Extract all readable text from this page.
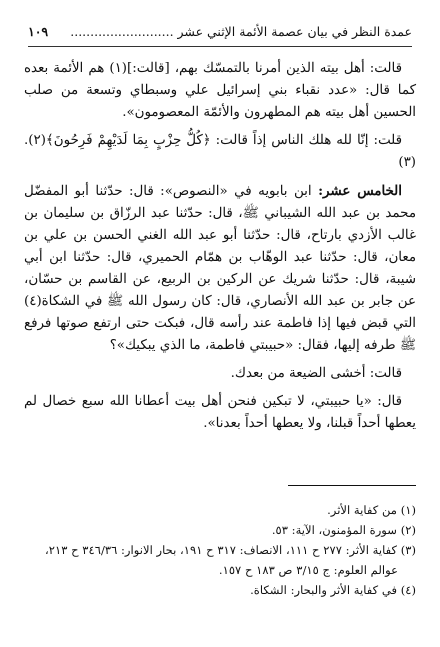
عمدة النظر في بيان عصمة الأئمة الإثني عشر ..........................
١٠٩

قالت: أهل بيته الذين أمرنا بالتمسّك بهم، [قالت:](١) هم الأئمة بعده كما قال: «عدد نقباء بني إسرائيل علي وسبطاي وتسعة من صلب الحسين أهل بيته هم المطهرون والأئمّة المعصومون».

قلت: إنّا لله هلك الناس إذاً قالت: ﴿كُلُّ حِزْبٍ بِمَا لَدَيْهِمْ فَرِحُونَ﴾(٢).(٣)

الخامس عشر: ابن بابويه في «النصوص»: قال: حدّثنا أبو المفضّل محمد بن عبد الله الشيباني ﷺ، قال: حدّثنا عبد الرزّاق بن سليمان بن غالب الأزدي بارتاح، قال: حدّثنا أبو عبد الله الغني الحسن بن علي بن معان، قال: حدّثنا عبد الوهّاب بن همّام الحميري، قال: حدّثنا ابن أبي شيبة، قال: حدّثنا شريك عن الركين بن الربيع، عن القاسم بن حسّان، عن جابر بن عبد الله الأنصاري، قال: كان رسول الله ﷺ في الشكاة(٤) التي قبض فيها إذا فاطمة عند رأسه قال، فبكت حتى ارتفع صوتها فرفع ﷺ طرفه إليها، فقال: «حبيبتي فاطمة، ما الذي يبكيك»؟

قالت: أخشى الضيعة من بعدك.

قال: «يا حبيبتي، لا تبكين فنحن أهل بيت أعطانا الله سبع خصال لم يعطها أحداً قبلنا، ولا يعطها أحداً بعدنا».

(١) من كفاية الأثر.

(٢) سورة المؤمنون، الآية: ٥٣.

(٣) كفاية الأثر: ٢٧٧ ح ١١١، الانصاف: ٣١٧ ح ١٩١، بحار الانوار: ٣٤٦/٣٦ ح ٢١٣،

عوالم العلوم: ج ٣/١٥ ص ١٨٣ ح ١٥٧.

(٤) في كفاية الأثر والبحار: الشكاة.
